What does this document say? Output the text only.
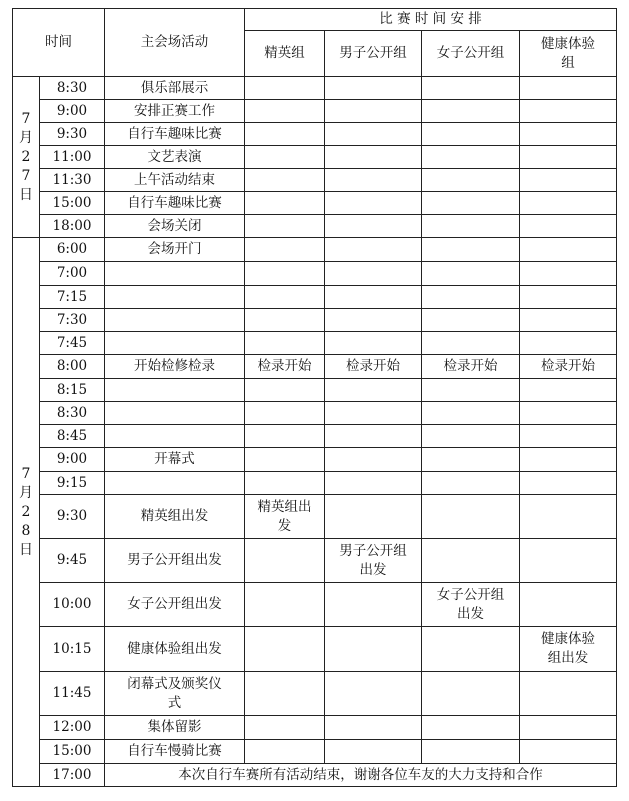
时间		主会场活动	比 赛 时 间 安 排			
			精英组	男子公开组	女子公开组	健康体验
组

7
月
2
7
日	8:30	俱乐部展示				
	9:00	安排正赛工作				
	9:30	自行车趣味比赛				
	11:00	文艺表演				
	11:30	上午活动结束				
	15:00	自行车趣味比赛				
	18:00	会场关闭				

7
月
2
8
日	6:00	会场开门				
	7:00					
	7:15					
	7:30					
	7:45					
	8:00	开始检修检录	检录开始	检录开始	检录开始	检录开始
	8:15					
	8:30					
	8:45					
	9:00	开幕式				
	9:15					
	9:30	精英组出发	精英组出
发			
	9:45	男子公开组出发		男子公开组
出发		
	10:00	女子公开组出发			女子公开组
出发	
	10:15	健康体验组出发				健康体验
组出发
	11:45	闭幕式及颁奖仪
式				
	12:00	集体留影				
	15:00	自行车慢骑比赛				
	17:00	本次自行车赛所有活动结束，谢谢各位车友的大力支持和合作				
